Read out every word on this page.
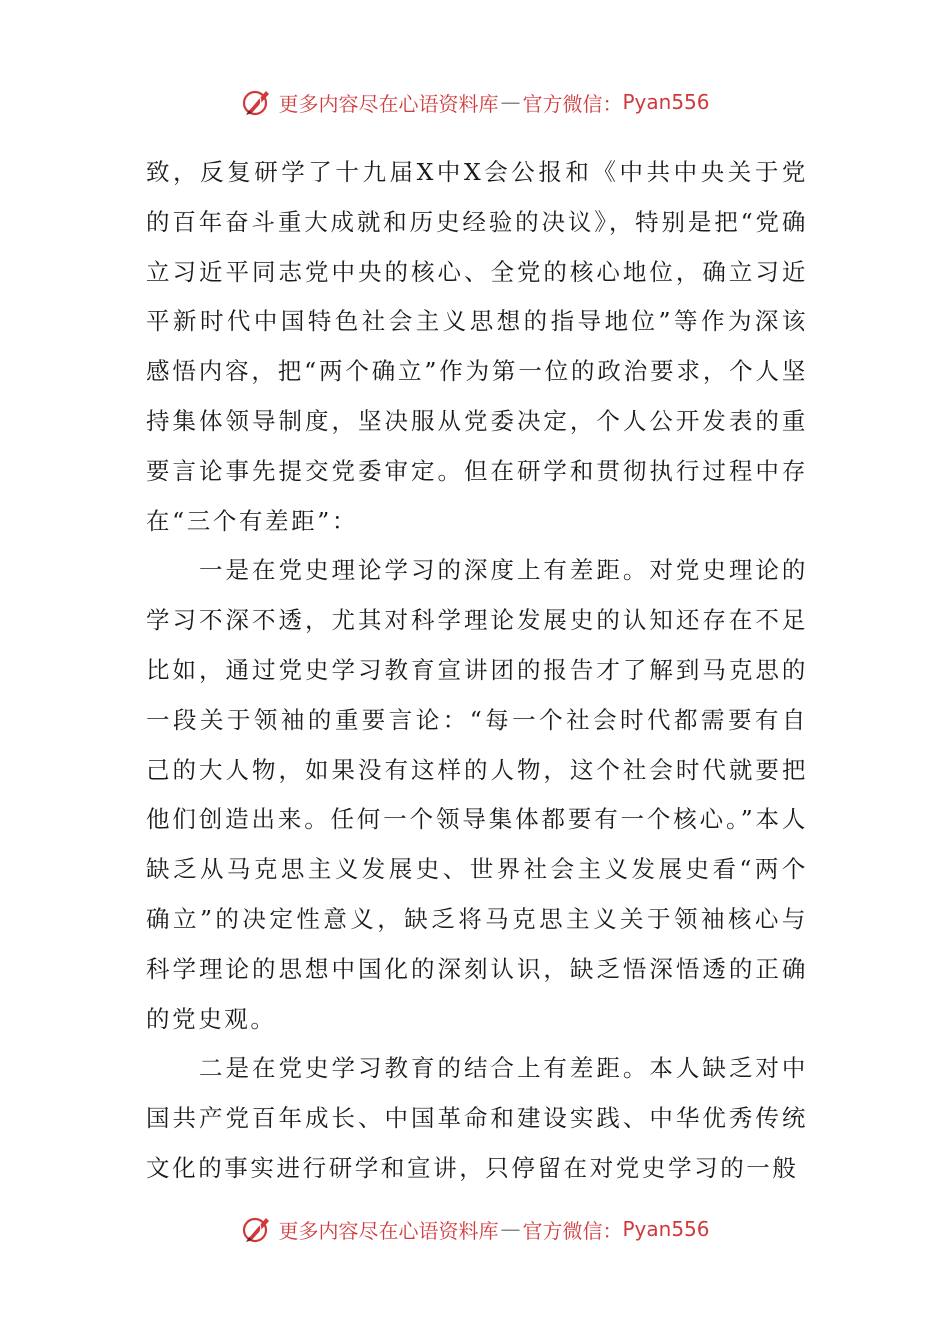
更多内容尽在心语资料库 — 官方微信： Pyan556

致，反复研学了十九届X中X会公报和《中共中央关于党的百年奋斗重大成就和历史经验的决议》，特别是把“党确立习近平同志党中央的核心、全党的核心地位，确立习近平新时代中国特色社会主义思想的指导地位”等作为深该感悟内容，把“两个确立”作为第一位的政治要求，个人坚持集体领导制度，坚决服从党委决定，个人公开发表的重要言论事先提交党委审定。但在研学和贯彻执行过程中存在“三个有差距”：

一是在党史理论学习的深度上有差距。对党史理论的学习不深不透，尤其对科学理论发展史的认知还存在不足比如，通过党史学习教育宣讲团的报告才了解到马克思的一段关于领袖的重要言论：“每一个社会时代都需要有自己的大人物，如果没有这样的人物，这个社会时代就要把他们创造出来。任何一个领导集体都要有一个核心。”本人缺乏从马克思主义发展史、世界社会主义发展史看“两个确立”的决定性意义，缺乏将马克思主义关于领袖核心与科学理论的思想中国化的深刻认识，缺乏悟深悟透的正确的党史观。

二是在党史学习教育的结合上有差距。本人缺乏对中国共产党百年成长、中国革命和建设实践、中华优秀传统文化的事实进行研学和宣讲，只停留在对党史学习的一般

更多内容尽在心语资料库 — 官方微信： Pyan556
